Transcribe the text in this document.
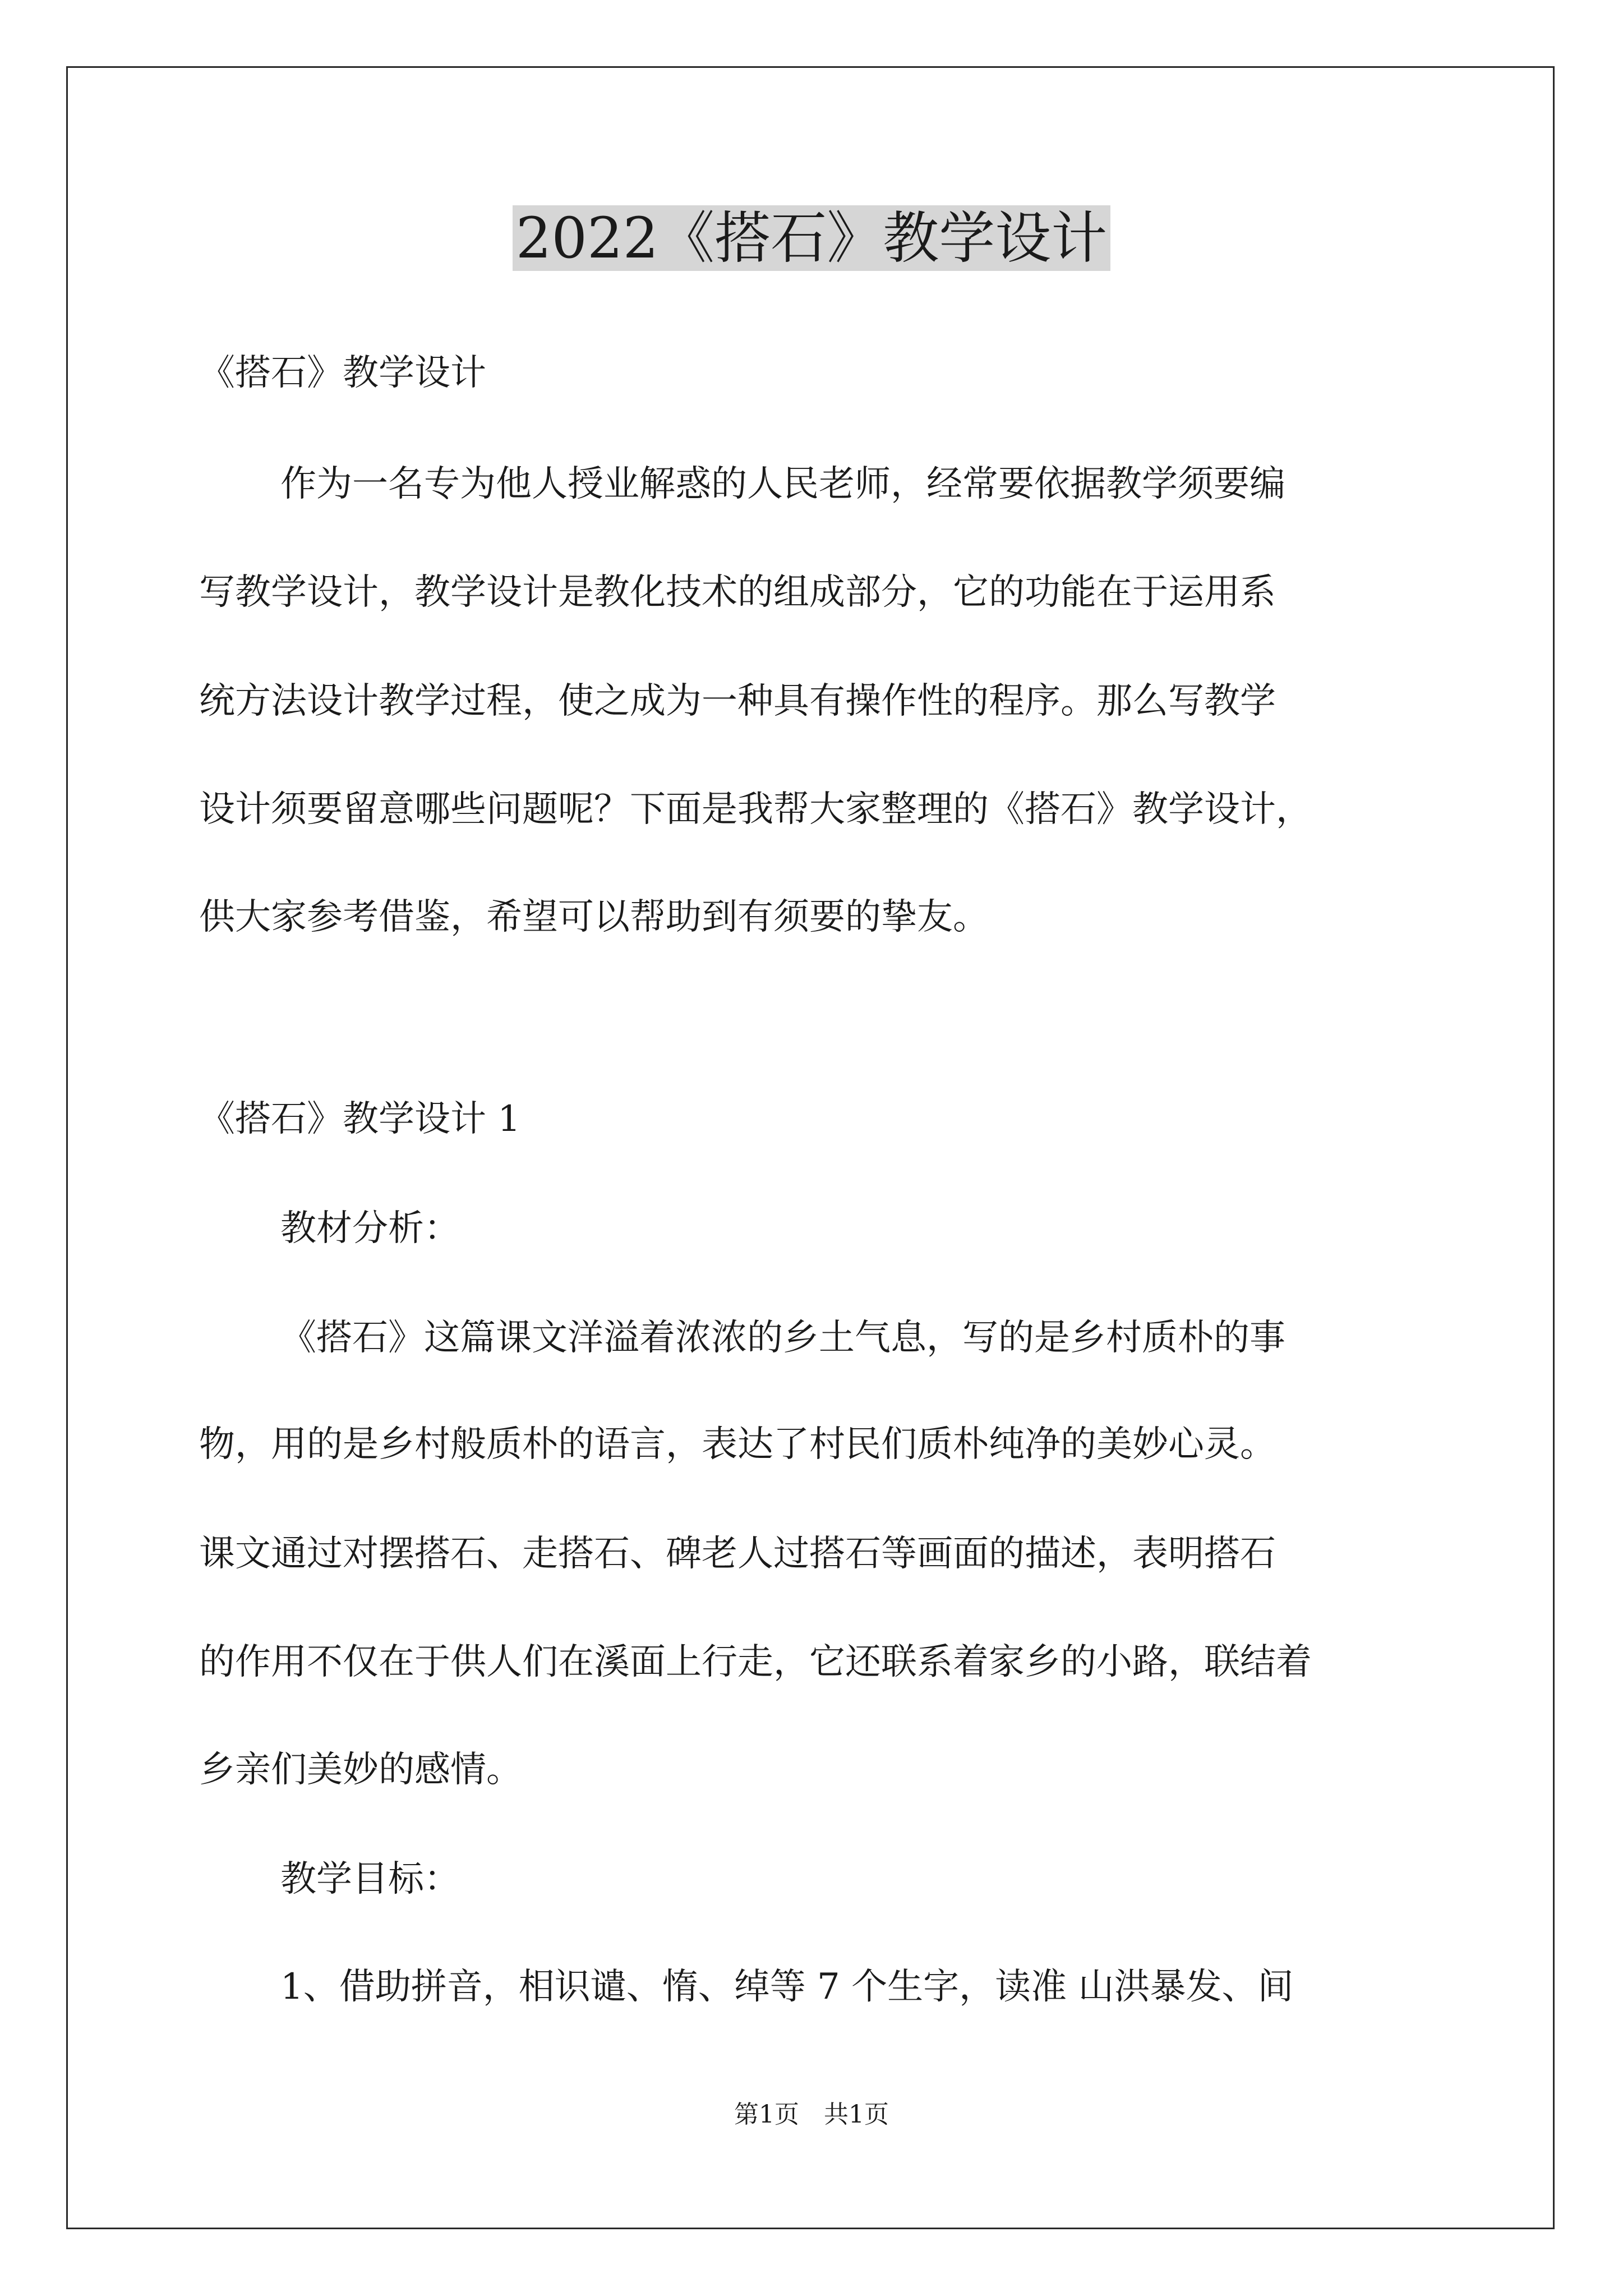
2022《搭石》教学设计
《搭石》教学设计
作为一名专为他人授业解惑的人民老师，经常要依据教学须要编
写教学设计，教学设计是教化技术的组成部分，它的功能在于运用系
统方法设计教学过程，使之成为一种具有操作性的程序。那么写教学
设计须要留意哪些问题呢？下面是我帮大家整理的《搭石》教学设计，
供大家参考借鉴，希望可以帮助到有须要的挚友。
《搭石》教学设计 1
教材分析：
《搭石》这篇课文洋溢着浓浓的乡土气息，写的是乡村质朴的事
物，用的是乡村般质朴的语言，表达了村民们质朴纯净的美妙心灵。
课文通过对摆搭石、走搭石、碑老人过搭石等画面的描述，表明搭石
的作用不仅在于供人们在溪面上行走，它还联系着家乡的小路，联结着
乡亲们美妙的感情。
教学目标：
1、借助拼音，相识谴、惰、绰等 7 个生字，读准 山洪暴发、间
第1页　共1页
